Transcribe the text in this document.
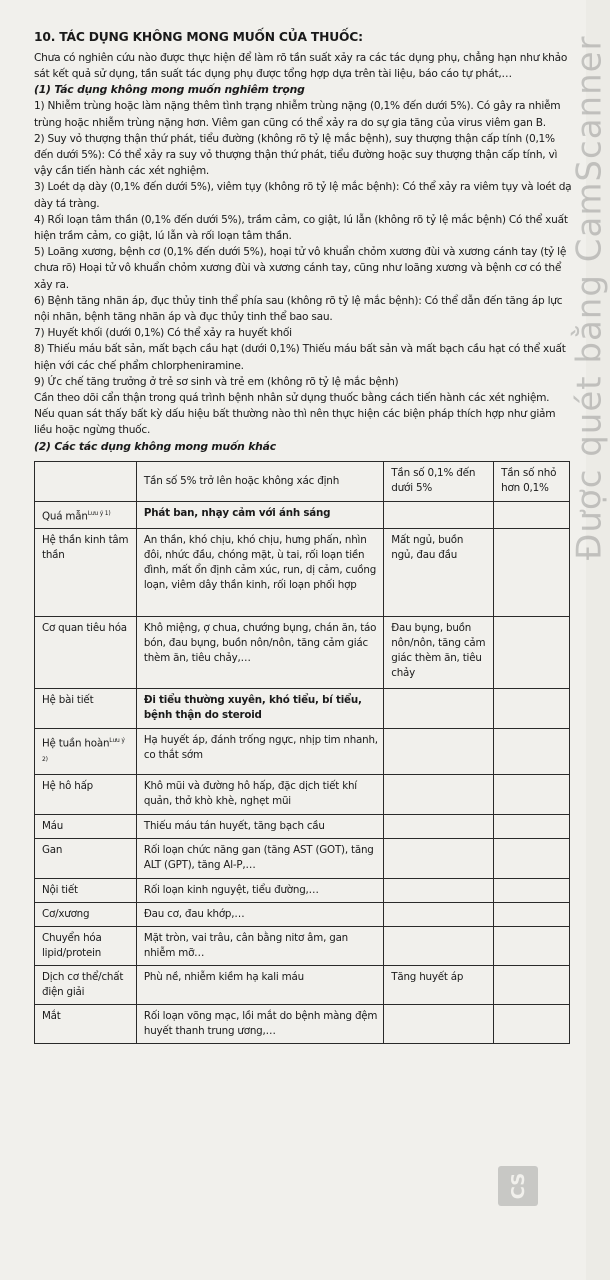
10. TÁC DỤNG KHÔNG MONG MUỐN CỦA THUỐC:

Chưa có nghiên cứu nào được thực hiện để làm rõ tần suất xảy ra các tác dụng phụ, chẳng hạn như khảo sát kết quả sử dụng, tần suất tác dụng phụ được tổng hợp dựa trên tài liệu, báo cáo tự phát,…

(1) Tác dụng không mong muốn nghiêm trọng

1) Nhiễm trùng hoặc làm nặng thêm tình trạng nhiễm trùng nặng (0,1% đến dưới 5%). Có gây ra nhiễm trùng hoặc nhiễm trùng nặng hơn. Viêm gan cũng có thể xảy ra do sự gia tăng của virus viêm gan B.

2) Suy vỏ thượng thận thứ phát, tiểu đường (không rõ tỷ lệ mắc bệnh), suy thượng thận cấp tính (0,1% đến dưới 5%): Có thể xảy ra suy vỏ thượng thận thứ phát, tiểu đường hoặc suy thượng thận cấp tính, vì vậy cần tiến hành các xét nghiệm.

3) Loét dạ dày (0,1% đến dưới 5%), viêm tụy (không rõ tỷ lệ mắc bệnh): Có thể xảy ra viêm tụy và loét dạ dày tá tràng.

4) Rối loạn tâm thần (0,1% đến dưới 5%), trầm cảm, co giật, lú lẫn (không rõ tỷ lệ mắc bệnh) Có thể xuất hiện trầm cảm, co giật, lú lẫn và rối loạn tâm thần.

5) Loãng xương, bệnh cơ (0,1% đến dưới 5%), hoại tử vô khuẩn chỏm xương đùi và xương cánh tay (tỷ lệ chưa rõ) Hoại tử vô khuẩn chỏm xương đùi và xương cánh tay, cũng như loãng xương và bệnh cơ có thể xảy ra.

6) Bệnh tăng nhãn áp, đục thủy tinh thể phía sau (không rõ tỷ lệ mắc bệnh): Có thể dẫn đến tăng áp lực nội nhãn, bệnh tăng nhãn áp và đục thủy tinh thể bao sau.

7) Huyết khối (dưới 0,1%) Có thể xảy ra huyết khối

8) Thiếu máu bất sản, mất bạch cầu hạt (dưới 0,1%) Thiếu máu bất sản và mất bạch cầu hạt có thể xuất hiện với các chế phẩm chlorpheniramine.

9) Ức chế tăng trưởng ở trẻ sơ sinh và trẻ em (không rõ tỷ lệ mắc bệnh)

Cần theo dõi cẩn thận trong quá trình bệnh nhân sử dụng thuốc bằng cách tiến hành các xét nghiệm. Nếu quan sát thấy bất kỳ dấu hiệu bất thường nào thì nên thực hiện các biện pháp thích hợp như giảm liều hoặc ngừng thuốc.

(2) Các tác dụng không mong muốn khác

	Tần số 5% trở lên hoặc không xác định	Tần số 0,1% đến dưới 5%	Tần số nhỏ hơn 0,1%
Quá mẫn$^{Lưu ý 1)}$	Phát ban, nhạy cảm với ánh sáng		
Hệ thần kinh tâm thần	An thần, khó chịu, khó chịu, hưng phấn, nhìn đôi, nhức đầu, chóng mặt, ù tai, rối loạn tiền đình, mất ổn định cảm xúc, run, dị cảm, cuồng loạn, viêm dây thần kinh, rối loạn phối hợp	Mất ngủ, buồn ngủ, đau đầu	
Cơ quan tiêu hóa	Khô miệng, ợ chua, chướng bụng, chán ăn, táo bón, đau bụng, buồn nôn/nôn, tăng cảm giác thèm ăn, tiêu chảy,…	Đau bụng, buồn nôn/nôn, tăng cảm giác thèm ăn, tiêu chảy	
Hệ bài tiết	Đi tiểu thường xuyên, khó tiểu, bí tiểu, bệnh thận do steroid		
Hệ tuần hoàn$^{Lưu ý 2)}$	Hạ huyết áp, đánh trống ngực, nhịp tim nhanh, co thắt sớm		
Hệ hô hấp	Khô mũi và đường hô hấp, đặc dịch tiết khí quản, thở khò khè, nghẹt mũi		
Máu	Thiếu máu tán huyết, tăng bạch cầu		
Gan	Rối loạn chức năng gan (tăng AST (GOT), tăng ALT (GPT), tăng Al-P,…		
Nội tiết	Rối loạn kinh nguyệt, tiểu đường,…		
Cơ/xương	Đau cơ, đau khớp,…		
Chuyển hóa lipid/protein	Mặt tròn, vai trâu, cân bằng nitơ âm, gan nhiễm mỡ…		
Dịch cơ thể/chất điện giải	Phù nề, nhiễm kiềm hạ kali máu	Tăng huyết áp	
Mắt	Rối loạn võng mạc, lồi mắt do bệnh màng đệm huyết thanh trung ương,…		
Được quét bằng CamScanner
CS
